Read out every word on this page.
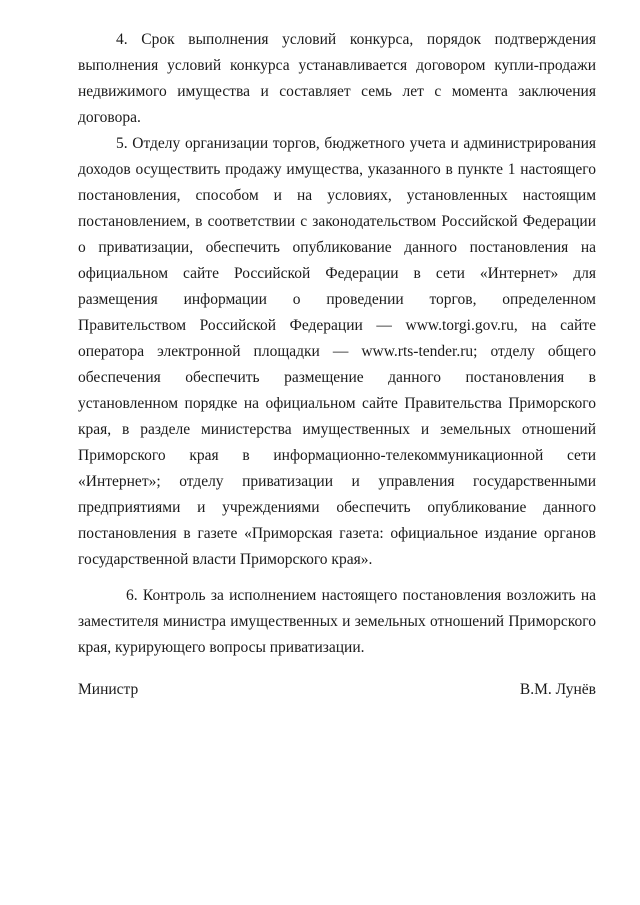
4. Срок выполнения условий конкурса, порядок подтверждения выполнения условий конкурса устанавливается договором купли-продажи недвижимого имущества и составляет семь лет с момента заключения договора.

5. Отделу организации торгов, бюджетного учета и администрирования доходов осуществить продажу имущества, указанного в пункте 1 настоящего постановления, способом и на условиях, установленных настоящим постановлением, в соответствии с законодательством Российской Федерации о приватизации, обеспечить опубликование данного постановления на официальном сайте Российской Федерации в сети «Интернет» для размещения информации о проведении торгов, определенном Правительством Российской Федерации — www.torgi.gov.ru, на сайте оператора электронной площадки — www.rts-tender.ru; отделу общего обеспечения обеспечить размещение данного постановления в установленном порядке на официальном сайте Правительства Приморского края, в разделе министерства имущественных и земельных отношений Приморского края в информационно-телекоммуникационной сети «Интернет»; отделу приватизации и управления государственными предприятиями и учреждениями обеспечить опубликование данного постановления в газете «Приморская газета: официальное издание органов государственной власти Приморского края».

6. Контроль за исполнением настоящего постановления возложить на заместителя министра имущественных и земельных отношений Приморского края, курирующего вопросы приватизации.

Министр	В.М. Лунёв
